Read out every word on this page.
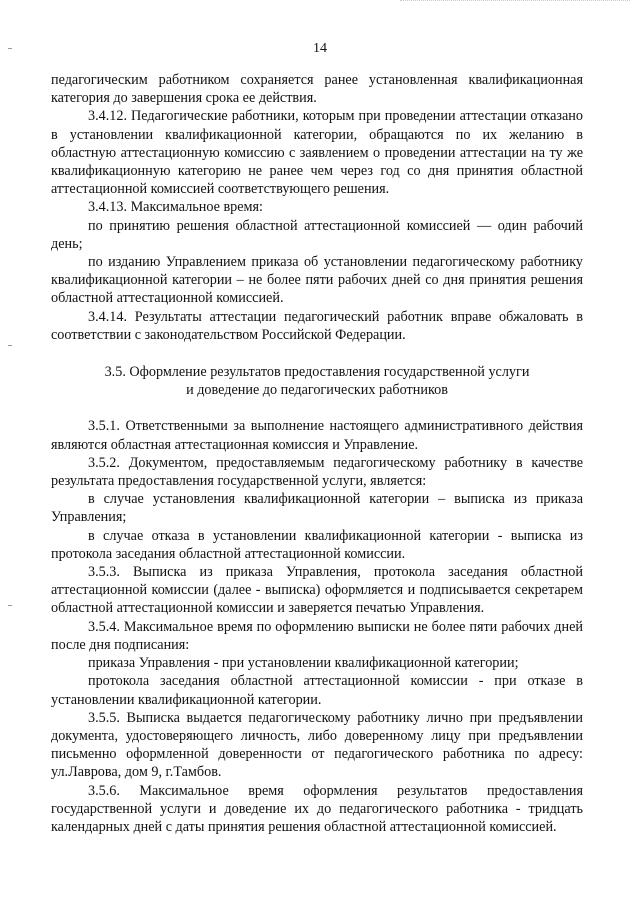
14

педагогическим работником сохраняется ранее установленная квалификационная категория до завершения срока ее действия.

3.4.12. Педагогические работники, которым при проведении аттестации отказано в установлении квалификационной категории, обращаются по их желанию в областную аттестационную комиссию с заявлением о проведении аттестации на ту же квалификационную категорию не ранее чем через год со дня принятия областной аттестационной комиссией соответствующего решения.

3.4.13. Максимальное время:

по принятию решения областной аттестационной комиссией — один рабочий день;

по изданию Управлением приказа об установлении педагогическому работнику квалификационной категории – не более пяти рабочих дней со дня принятия решения областной аттестационной комиссией.

3.4.14. Результаты аттестации педагогический работник вправе обжаловать в соответствии с законодательством Российской Федерации.

3.5. Оформление результатов предоставления государственной услуги
и доведение до педагогических работников

3.5.1. Ответственными за выполнение настоящего административного действия являются областная аттестационная комиссия и Управление.

3.5.2. Документом, предоставляемым педагогическому работнику в качестве результата предоставления государственной услуги, является:

в случае установления квалификационной категории – выписка из приказа Управления;

в случае отказа в установлении квалификационной категории - выписка из протокола заседания областной аттестационной комиссии.

3.5.3. Выписка из приказа Управления, протокола заседания областной аттестационной комиссии (далее - выписка) оформляется и подписывается секретарем областной аттестационной комиссии и заверяется печатью Управления.

3.5.4. Максимальное время по оформлению выписки не более пяти рабочих дней после дня подписания:

приказа Управления - при установлении квалификационной категории;

протокола заседания областной аттестационной комиссии - при отказе в установлении квалификационной категории.

3.5.5. Выписка выдается педагогическому работнику лично при предъявлении документа, удостоверяющего личность, либо доверенному лицу при предъявлении письменно оформленной доверенности от педагогического работника по адресу: ул.Лаврова, дом 9, г.Тамбов.

3.5.6. Максимальное время оформления результатов предоставления государственной услуги и доведение их до педагогического работника - тридцать календарных дней с даты принятия решения областной аттестационной комиссией.
